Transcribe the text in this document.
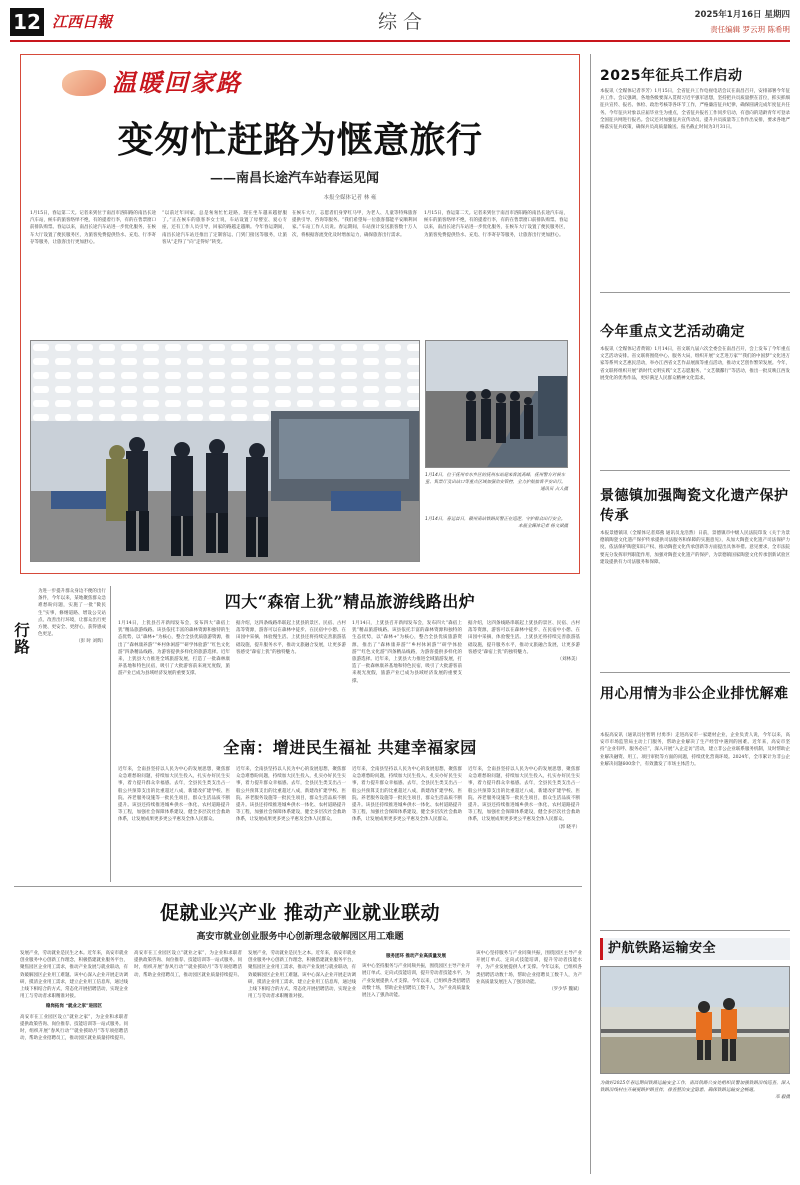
12 江西日報	综 合	2025年1月16日 星期四
责任编辑 罗云玥 陈希明
温暖回家路
变匆忙赶路为惬意旅行
——南昌长途汽车站春运见闻
本报全媒体记者 林 雍
1月15日，春运第二天。记者来到位于南昌市洛阳路的南昌长途汽车站，候车的旅客络绎不绝，有的提着行李，有的在售票窗口前排队购票。春运以来，南昌长途汽车站进一步优化服务，在候车大厅设置了便民服务区，为旅客免费提供热水、充电、行李寄存等服务，让旅客出行更加舒心。
“以前过年回家，总是匆匆忙忙赶路，现在坐车越来越舒服了。”正在候车的旅客李女士说，车站设置了母婴室、爱心专座，还有工作人员引导，回家的路越走越顺。今年春运期间，南昌长途汽车站还推出了定制客运、门到门接送等服务，让旅客从“走得了”向“走得好”转变。
在候车大厅，志愿者们身穿红马甲，为老人、儿童等特殊旅客提供引导、咨询等服务。“我们希望每一位旅客都能平安顺利回家。”车站工作人员说。春运期间，车站预计发送旅客数十万人次，将根据客流变化及时增加运力，确保旅客出行需求。
1月15日，春运第二天。记者来到位于南昌市洛阳路的南昌长途汽车站，候车的旅客络绎不绝，有的提着行李，有的在售票窗口前排队购票。春运以来，南昌长途汽车站进一步优化服务，在候车大厅设置了便民服务区，为旅客免费提供热水、充电、行李寄存等服务，让旅客出行更加舒心。
1月14日，位于抚州市东乡区的抚州东站迎来客流高峰，抚州警方对候车室、售票厅及出站口等重点区域加强治安管控，全力护航旅客平安出行。
通讯员 占人摄
1月14日，春运首日，赣州南站铁路民警正在巡逻，守护群众出行安全。
本报全媒体记者 杨文斌摄
2025年征兵工作启动
本报讯（全媒体记者李芳）1月15日，全省征兵工作电视电话会议在南昌召开，安排部署今年征兵工作。会议强调，各地各级要深入贯彻习近平强军思想，坚持把兵员质量摆在首位，抓实抓细征兵宣传、报名、体检、政治考核等各环节工作，严格廉洁征兵纪律，确保圆满完成年度征兵任务。今年征兵对象以应届毕业生为重点，全省征兵报名工作同步启动，有意向的适龄青年可登录全国征兵网进行报名。会议还对加强征兵宣传动员、提升兵员质量等工作作出安排，要求各地严格落实征兵政策，确保兵员高质量输送。报名截止时间为3月31日。
今年重点文艺活动确定
本报讯（全媒体记者黄锦）1月14日，省文联九届六次全委会在南昌召开，会上发布了今年重点文艺活动安排。省文联将围绕中心、服务大局，组织开展“文艺进万家”“我们的中国梦”文化进万家等系列文艺惠民活动，举办江西省文艺作品展演等重点活动，推动文艺创作繁荣发展。今年，省文联将组织开展“新时代文明实践”文艺志愿服务、“文艺赣鄱行”等活动，推出一批反映江西发展变化的优秀作品，更好满足人民群众精神文化需求。
景德镇加强陶瓷文化遗产保护传承
本报景德镇讯（全媒体记者郑燕 通讯员龙浩然）日前，景德镇市中级人民法院印发《关于为景德镇陶瓷文化遗产保护传承提供司法服务和保障的实施意见》，从加大陶瓷文化遗产司法保护力度、依法保护陶瓷知识产权、推动陶瓷文化传承创新等方面提出具体举措。意见要求，全市法院要充分发挥审判职能作用，加强对陶瓷文化遗产的保护，为景德镇国家陶瓷文化传承创新试验区建设提供有力司法服务和保障。
用心用情为非公企业排忧解难
本报高安讯（通讯员付智明 付勇李）走进高安市一家建材企业，企业负责人说，今年以来，高安市市场监管局主动上门服务，帮助企业解决了生产经营中遇到的困难。近年来，高安市坚持“企业有呼、服务必应”，深入开展“入企走访”活动，建立非公企业联系服务机制，及时帮助企业解决融资、用工、项目审批等方面的问题，持续优化营商环境。2024年，全市累计为非公企业解决问题600余个，有效激发了市场主体活力。
护航铁路运输安全
为做好2025年春运期间铁路运输安全工作，南昌铁路公安处组织民警加强铁路沿线巡查，深入铁路沿线村庄开展爱路护路宣传，排查整治安全隐患，确保铁路运输安全畅通。
邓 毅摄
行路
为进一步提升群众身边不便的出行条件，今年以来，某地聚焦群众急难愁盼问题，实施了一批“微民生”实事，修缮道路、增设公交站点、改善出行环境，让群众出行更方便、更安全、更舒心，获得感成色更足。
（彭 时 刘辉）
四大“森宿上犹”精品旅游线路出炉
1月14日，上犹县召开新闻发布会，发布四大“森宿上犹”精品旅游线路。该县依托丰富的森林资源和独特的生态优势，以“森林+”为核心，整合全县优质旅游资源，推出了“森林康养游”“乡村休闲游”“研学体验游”“红色文化游”四条精品线路，为游客提供多样化的旅游选择。近年来，上犹县大力推进全域旅游发展，打造了一批森林康养基地和特色民宿，吸引了大批游客前来观光度假，旅游产业已成为县域经济发展的重要支撑。
据介绍，这四条线路串联起上犹县的景区、民宿、古村落等资源，游客可以在森林中徒步、在民宿中小憩、在田园中采摘，体验慢生活。上犹县还将持续完善旅游基础设施，提升服务水平，推动文旅融合发展，让更多游客感受“森宿上犹”的独特魅力。
1月14日，上犹县召开新闻发布会，发布四大“森宿上犹”精品旅游线路。该县依托丰富的森林资源和独特的生态优势，以“森林+”为核心，整合全县优质旅游资源，推出了“森林康养游”“乡村休闲游”“研学体验游”“红色文化游”四条精品线路，为游客提供多样化的旅游选择。近年来，上犹县大力推进全域旅游发展，打造了一批森林康养基地和特色民宿，吸引了大批游客前来观光度假，旅游产业已成为县域经济发展的重要支撑。
据介绍，这四条线路串联起上犹县的景区、民宿、古村落等资源，游客可以在森林中徒步、在民宿中小憩、在田园中采摘，体验慢生活。上犹县还将持续完善旅游基础设施，提升服务水平，推动文旅融合发展，让更多游客感受“森宿上犹”的独特魅力。
（刘林美）
全南：增进民生福祉 共建幸福家园
近年来，全南县坚持以人民为中心的发展思想，聚焦群众急难愁盼问题，持续加大民生投入，扎实办好民生实事，着力提升群众幸福感。去年，全县民生类支出占一般公共预算支出的比重超过八成，新建改扩建学校、医院、养老服务设施等一批民生项目，群众生活品质不断提升。该县还持续推进城乡供水一体化、农村道路提升等工程，加强社会保障体系建设，健全多层次社会救助体系，让发展成果更多更公平惠及全体人民群众。
近年来，全南县坚持以人民为中心的发展思想，聚焦群众急难愁盼问题，持续加大民生投入，扎实办好民生实事，着力提升群众幸福感。去年，全县民生类支出占一般公共预算支出的比重超过八成，新建改扩建学校、医院、养老服务设施等一批民生项目，群众生活品质不断提升。该县还持续推进城乡供水一体化、农村道路提升等工程，加强社会保障体系建设，健全多层次社会救助体系，让发展成果更多更公平惠及全体人民群众。
近年来，全南县坚持以人民为中心的发展思想，聚焦群众急难愁盼问题，持续加大民生投入，扎实办好民生实事，着力提升群众幸福感。去年，全县民生类支出占一般公共预算支出的比重超过八成，新建改扩建学校、医院、养老服务设施等一批民生项目，群众生活品质不断提升。该县还持续推进城乡供水一体化、农村道路提升等工程，加强社会保障体系建设，健全多层次社会救助体系，让发展成果更多更公平惠及全体人民群众。
近年来，全南县坚持以人民为中心的发展思想，聚焦群众急难愁盼问题，持续加大民生投入，扎实办好民生实事，着力提升群众幸福感。去年，全县民生类支出占一般公共预算支出的比重超过八成，新建改扩建学校、医院、养老服务设施等一批民生项目，群众生活品质不断提升。该县还持续推进城乡供水一体化、农村道路提升等工程，加强社会保障体系建设，健全多层次社会救助体系，让发展成果更多更公平惠及全体人民群众。
（郭 晓平）
促就业兴产业 推动产业就业联动
高安市就业创业服务中心创新理念破解园区用工难题
发展产业，劳动就业是民生之本。近年来，高安市就业创业服务中心创新工作理念，积极搭建就业服务平台，聚焦园区企业用工需求，推动产业发展与就业联动，有效破解园区企业用工难题。该中心深入企业开展走访调研，摸清企业用工需求，建立企业用工信息库，通过线上线下相结合的方式，常态化开展招聘活动，实现企业用工与劳动者求职精准对接。
稳岗拓岗 “就业之家”进园区
高安市在工业园区设立“就业之家”，为企业和求职者提供政策咨询、岗位推荐、技能培训等一站式服务。同时，组织开展“春风行动”“就业援助月”等专项招聘活动，帮助企业招聘员工，推动园区就业质量持续提升。
高安市在工业园区设立“就业之家”，为企业和求职者提供政策咨询、岗位推荐、技能培训等一站式服务。同时，组织开展“春风行动”“就业援助月”等专项招聘活动，帮助企业招聘员工，推动园区就业质量持续提升。
发展产业，劳动就业是民生之本。近年来，高安市就业创业服务中心创新工作理念，积极搭建就业服务平台，聚焦园区企业用工需求，推动产业发展与就业联动，有效破解园区企业用工难题。该中心深入企业开展走访调研，摸清企业用工需求，建立企业用工信息库，通过线上线下相结合的方式，常态化开展招聘活动，实现企业用工与劳动者求职精准对接。
服务团环 推动产业高质量发展
该中心坚持服务与产业同频共振，围绕园区主导产业开展订单式、定向式技能培训，提升劳动者技能水平，为产业发展提供人才支撑。今年以来，已组织各类招聘活动数十场，帮助企业招聘员工数千人，为产业高质量发展注入了强劲动能。
该中心坚持服务与产业同频共振，围绕园区主导产业开展订单式、定向式技能培训，提升劳动者技能水平，为产业发展提供人才支撑。今年以来，已组织各类招聘活动数十场，帮助企业招聘员工数千人，为产业高质量发展注入了强劲动能。
（罗少华 魏斌）
